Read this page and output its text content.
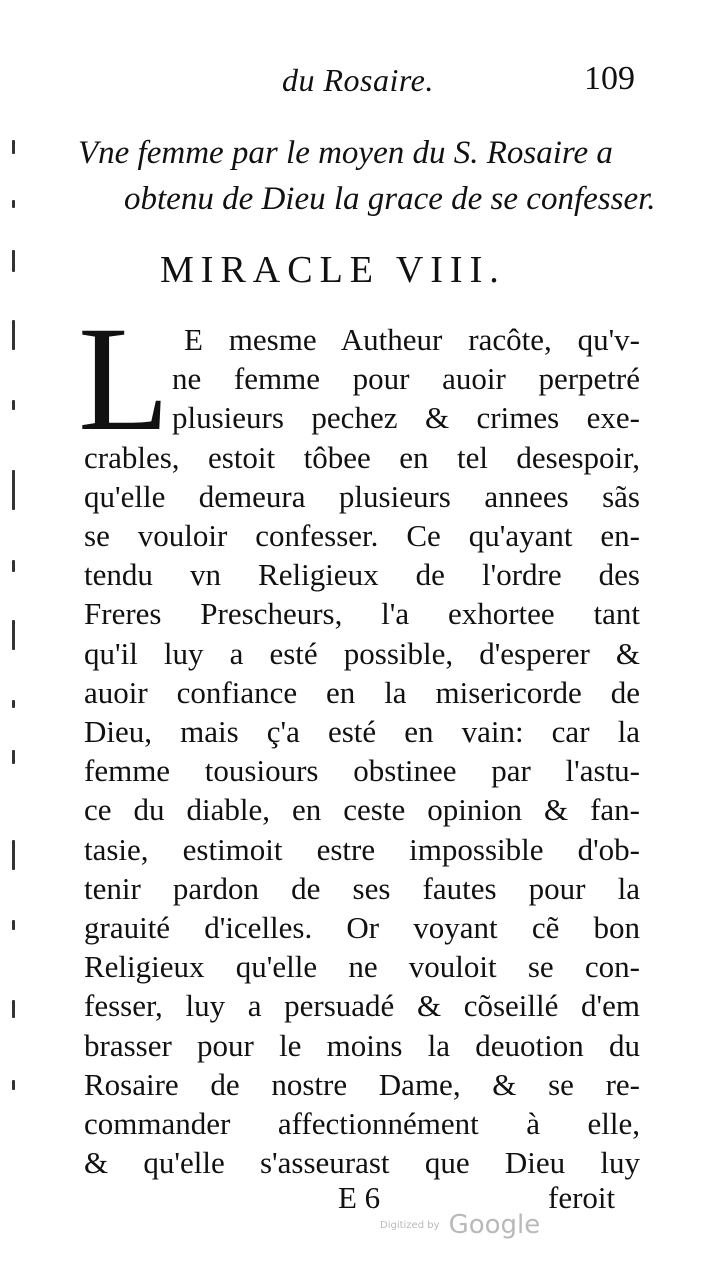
du Rosaire.	109
Vne femme par le moyen du S. Rosaire a
obtenu de Dieu la grace de se confesser.
MIRACLE VIII.
L E mesme Autheur racôte, qu'v-
ne femme pour auoir perpetré
plusieurs pechez & crimes exe-
crables, estoit tôbee en tel desespoir,
qu'elle demeura plusieurs annees sãs
se vouloir confesser. Ce qu'ayant en-
tendu vn Religieux de l'ordre des
Freres Prescheurs, l'a exhortee tant
qu'il luy a esté possible, d'esperer &
auoir confiance en la misericorde de
Dieu, mais ç'a esté en vain: car la
femme tousiours obstinee par l'astu-
ce du diable, en ceste opinion & fan-
tasie, estimoit estre impossible d'ob-
tenir pardon de ses fautes pour la
grauité d'icelles. Or voyant cẽ bon
Religieux qu'elle ne vouloit se con-
fesser, luy a persuadé & cõseillé d'em
brasser pour le moins la deuotion du
Rosaire de nostre Dame, & se re-
commander affectionnément à elle,
& qu'elle s'asseurast que Dieu luy
E 6	feroit
Digitized by Google
